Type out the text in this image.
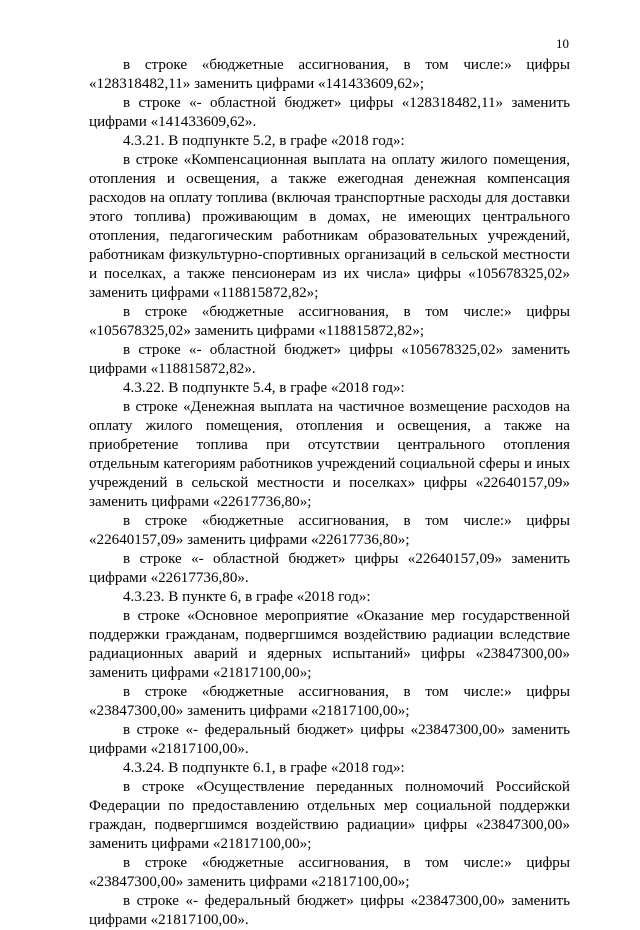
10

в строке «бюджетные ассигнования, в том числе:» цифры «128318482,11» заменить цифрами «141433609,62»;

в строке «- областной бюджет» цифры «128318482,11» заменить цифрами «141433609,62».

4.3.21. В подпункте 5.2, в графе «2018 год»:

в строке «Компенсационная выплата на оплату жилого помещения, отопления и освещения, а также ежегодная денежная компенсация расходов на оплату топлива (включая транспортные расходы для доставки этого топлива) проживающим в домах, не имеющих центрального отопления, педагогическим работникам образовательных учреждений, работникам физкультурно-спортивных организаций в сельской местности и поселках, а также пенсионерам из их числа» цифры «105678325,02» заменить цифрами «118815872,82»;

в строке «бюджетные ассигнования, в том числе:» цифры «105678325,02» заменить цифрами «118815872,82»;

в строке «- областной бюджет» цифры «105678325,02» заменить цифрами «118815872,82».

4.3.22. В подпункте 5.4, в графе «2018 год»:

в строке «Денежная выплата на частичное возмещение расходов на оплату жилого помещения, отопления и освещения, а также на приобретение топлива при отсутствии центрального отопления отдельным категориям работников учреждений социальной сферы и иных учреждений в сельской местности и поселках» цифры «22640157,09» заменить цифрами «22617736,80»;

в строке «бюджетные ассигнования, в том числе:» цифры «22640157,09» заменить цифрами «22617736,80»;

в строке «- областной бюджет» цифры «22640157,09» заменить цифрами «22617736,80».

4.3.23. В пункте 6, в графе «2018 год»:

в строке «Основное мероприятие «Оказание мер государственной поддержки гражданам, подвергшимся воздействию радиации вследствие радиационных аварий и ядерных испытаний» цифры «23847300,00» заменить цифрами «21817100,00»;

в строке «бюджетные ассигнования, в том числе:» цифры «23847300,00» заменить цифрами «21817100,00»;

в строке «- федеральный бюджет» цифры «23847300,00» заменить цифрами «21817100,00».

4.3.24. В подпункте 6.1, в графе «2018 год»:

в строке «Осуществление переданных полномочий Российской Федерации по предоставлению отдельных мер социальной поддержки граждан, подвергшимся воздействию радиации» цифры «23847300,00» заменить цифрами «21817100,00»;

в строке «бюджетные ассигнования, в том числе:» цифры «23847300,00» заменить цифрами «21817100,00»;

в строке «- федеральный бюджет» цифры «23847300,00» заменить цифрами «21817100,00».
